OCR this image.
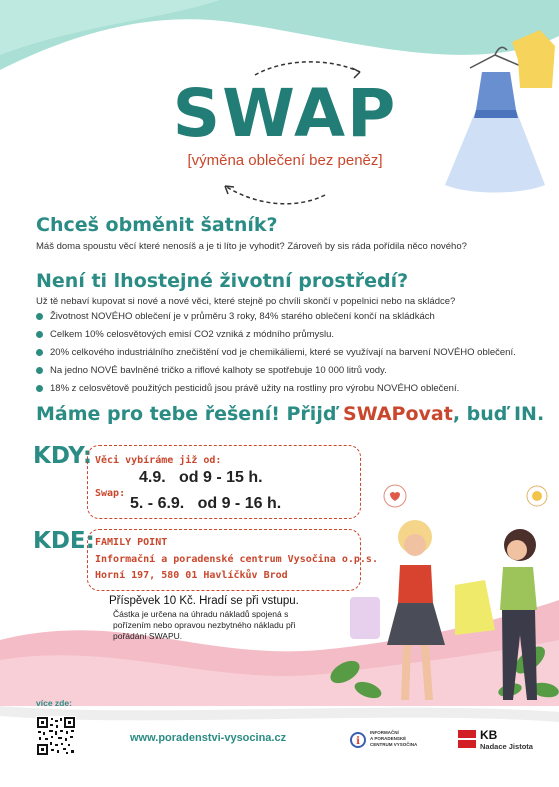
SWAP
[výměna oblečení bez peněz]
Chceš obměnit šatník?
Máš doma spoustu věcí které nenosíš a je ti líto je vyhodit? Zároveň by sis ráda pořídila něco nového?
Není ti lhostejné životní prostředí?
Už tě nebaví kupovat si nové a nové věci, které stejně po chvíli skončí v popelnici nebo na skládce?
Životnost NOVÉHO oblečení je v průměru 3 roky, 84% starého oblečení končí na skládkách
Celkem 10% celosvětových emisí CO2 vzniká z módního průmyslu.
20% celkového industriálního znečištění vod je chemikáliemi, které se využívají na barvení NOVÉHO oblečení.
Na jedno NOVÉ bavlněné tričko a riflové kalhoty se spotřebuje 10 000 litrů vody.
18% z celosvětově použitých pesticidů jsou právě užity na rostliny pro výrobu NOVÉHO oblečení.
Máme pro tebe řešení! Přijď SWAPovat, buď IN.
KDY: Věci vybíráme již od:
4.9.   od 9 - 15 h.
Swap:
5. - 6.9.   od 9 - 16 h.
KDE: FAMILY POINT
Informační a poradenské centrum Vysočina o.p.s.
Horní 197, 580 01 Havlíčkův Brod
Příspěvek 10 Kč. Hradí se při vstupu.
Částka je určena na úhradu nákladů spojená s
pořízením nebo opravou nezbytného nákladu při
pořádání SWAPU.
více zde:
www.poradenstvi-vysocina.cz	i
INFORMAČNÍ
A PORADENSKÉ
CENTRUM VYSOČINA
KB
Nadace Jistota
